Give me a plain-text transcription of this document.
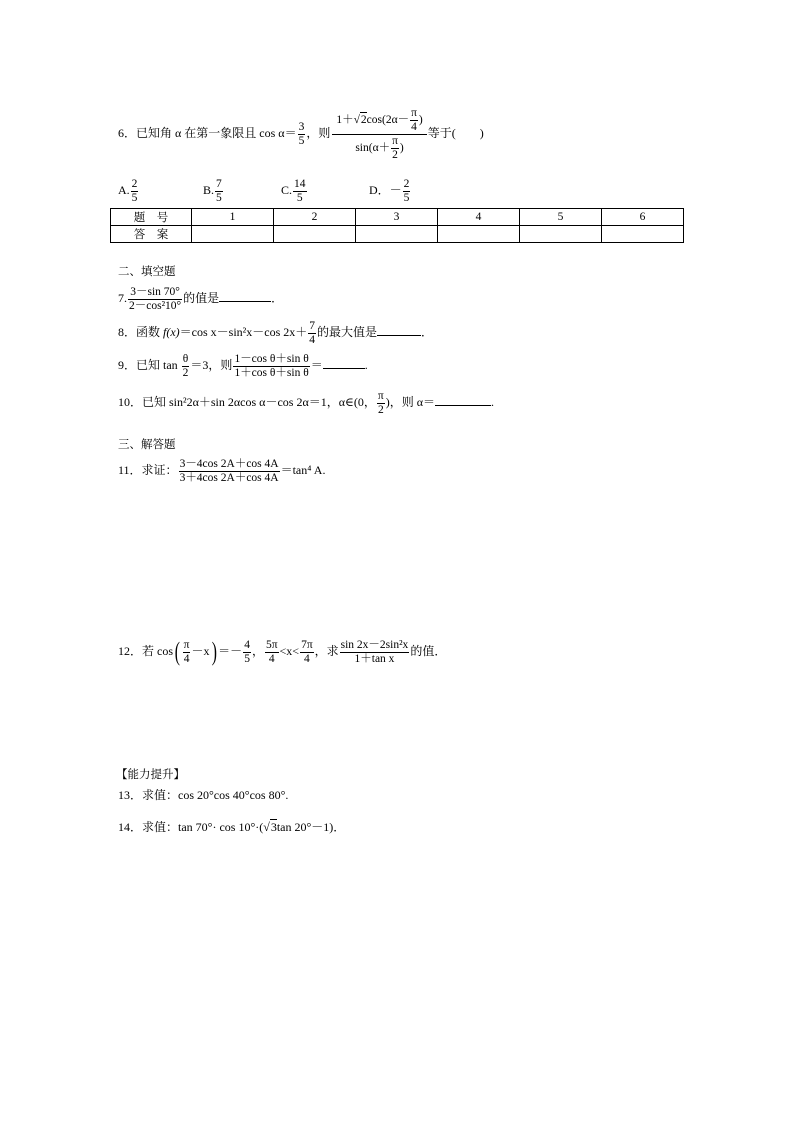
6．已知角 α 在第一象限且 $\cos \alpha= \frac{3}{5}$ ，则 $\frac{1+√2\cos(2\alpha- \frac{\pi}{4} )}{\sin(\alpha+ \frac{\pi}{2} )}$ 等于(　　)
A. $\frac{2}{5}$	B. $\frac{7}{5}$	C. $\frac{14}{5}$	D．－ $\frac{2}{5}$
题　号	1	2	3	4	5	6
答　案						
二、填空题
7. $\frac{3-\sin 70^\circ}{\text{2－cos²10°}}$ 的值是	．
8．函数 f(x)＝cos x－sin²x－cos $2x+ \frac{7}{4}$ 的最大值是	．
9．已知 $\tan \frac{\theta}{2} =3$，则 $\frac{\text{1－cos θ＋sin θ}}{\text{1＋cos θ＋sin θ}}$ ＝	.
10．已知 sin²2α＋sin 2αcos α－cos 2α＝1，α∈(0， $\frac{\pi}{2}$ )，则 α＝	.
三、解答题
11．求证： $\frac{3-4\cos 2A+\cos 4A}{3+4\cos 2A+\cos 4A} =\tan^4$ A.
12．若 $\cos( \frac{\pi}{4} -x) =- \frac{4}{5}$ ， $\frac{5\pi}{4} <x< \frac{7\pi}{4}$ ，求 $\frac{\text{sin 2x－2sin²x}}{\text{1＋tan x}}$ 的值．
【能力提升】
13．求值：cos 20°cos 40°cos 80°.
14．求值：tan 70°· cos 10°·(√3tan 20°－1)．
